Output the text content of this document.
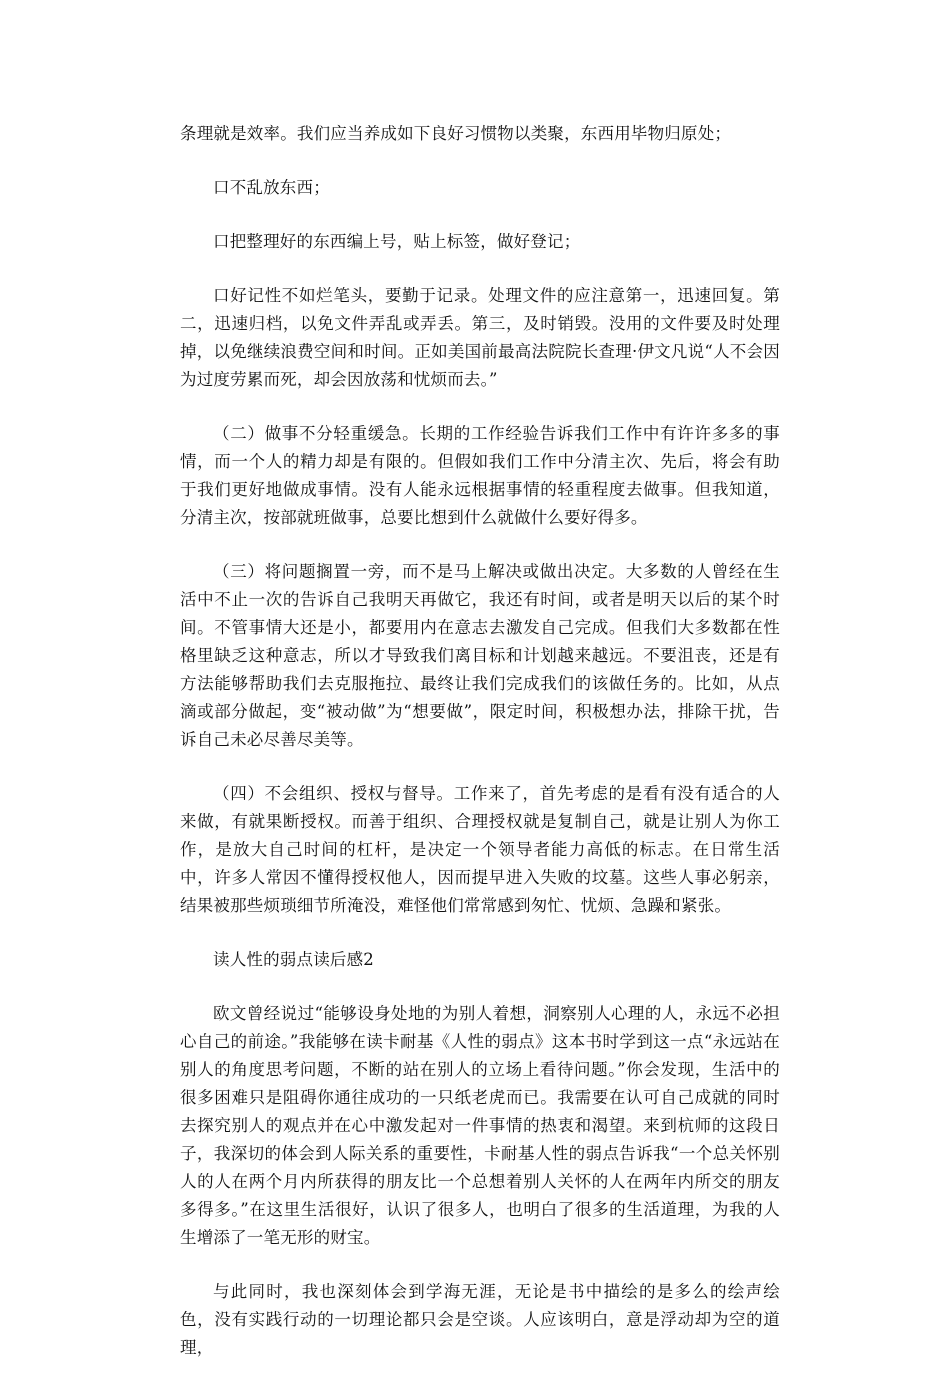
条理就是效率。我们应当养成如下良好习惯物以类聚，东西用毕物归原处；

口不乱放东西；

口把整理好的东西编上号，贴上标签，做好登记；

口好记性不如烂笔头，要勤于记录。处理文件的应注意第一，迅速回复。第二，迅速归档，以免文件弄乱或弄丢。第三，及时销毁。没用的文件要及时处理掉，以免继续浪费空间和时间。正如美国前最高法院院长查理·伊文凡说“人不会因为过度劳累而死，却会因放荡和忧烦而去。”

（二）做事不分轻重缓急。长期的工作经验告诉我们工作中有许许多多的事情，而一个人的精力却是有限的。但假如我们工作中分清主次、先后，将会有助于我们更好地做成事情。没有人能永远根据事情的轻重程度去做事。但我知道，分清主次，按部就班做事，总要比想到什么就做什么要好得多。

（三）将问题搁置一旁，而不是马上解决或做出决定。大多数的人曾经在生活中不止一次的告诉自己我明天再做它，我还有时间，或者是明天以后的某个时间。不管事情大还是小，都要用内在意志去激发自己完成。但我们大多数都在性格里缺乏这种意志，所以才导致我们离目标和计划越来越远。不要沮丧，还是有方法能够帮助我们去克服拖拉、最终让我们完成我们的该做任务的。比如，从点滴或部分做起，变“被动做”为“想要做”，限定时间，积极想办法，排除干扰，告诉自己未必尽善尽美等。

（四）不会组织、授权与督导。工作来了，首先考虑的是看有没有适合的人来做，有就果断授权。而善于组织、合理授权就是复制自己，就是让别人为你工作，是放大自己时间的杠杆，是决定一个领导者能力高低的标志。在日常生活中，许多人常因不懂得授权他人，因而提早进入失败的坟墓。这些人事必躬亲，结果被那些烦琐细节所淹没，难怪他们常常感到匆忙、忧烦、急躁和紧张。

读人性的弱点读后感2

欧文曾经说过“能够设身处地的为别人着想，洞察别人心理的人，永远不必担心自己的前途。”我能够在读卡耐基《人性的弱点》这本书时学到这一点“永远站在别人的角度思考问题，不断的站在别人的立场上看待问题。”你会发现，生活中的很多困难只是阻碍你通往成功的一只纸老虎而已。我需要在认可自己成就的同时去探究别人的观点并在心中激发起对一件事情的热衷和渴望。来到杭师的这段日子，我深切的体会到人际关系的重要性，卡耐基人性的弱点告诉我“一个总关怀别人的人在两个月内所获得的朋友比一个总想着别人关怀的人在两年内所交的朋友多得多。”在这里生活很好，认识了很多人，也明白了很多的生活道理，为我的人生增添了一笔无形的财宝。

与此同时，我也深刻体会到学海无涯，无论是书中描绘的是多么的绘声绘色，没有实践行动的一切理论都只会是空谈。人应该明白，意是浮动却为空的道理，
